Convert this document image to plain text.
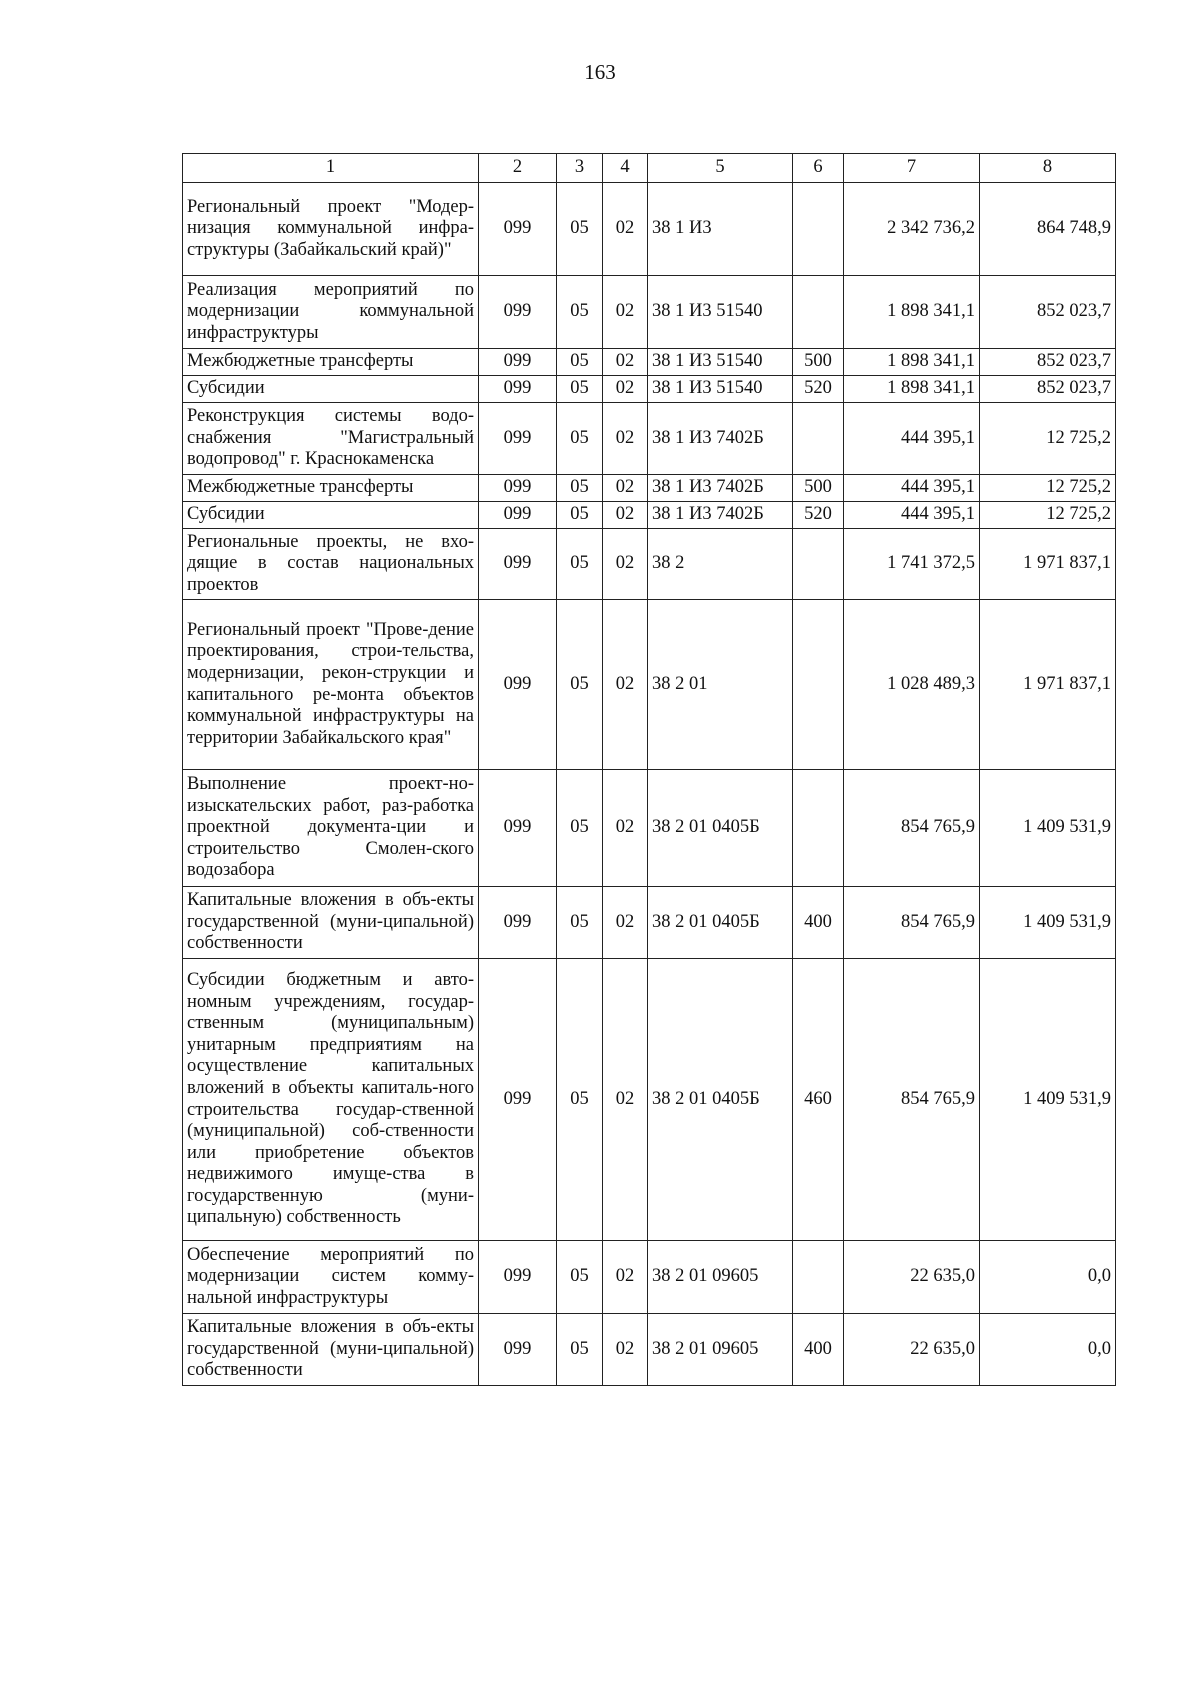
163
1	2	3	4	5	6	7	8
Региональный проект "Модер-низация коммунальной инфра-структуры (Забайкальский край)"	099	05	02	38 1 И3		2 342 736,2	864 748,9
Реализация мероприятий по модернизации коммунальной инфраструктуры	099	05	02	38 1 И3 51540		1 898 341,1	852 023,7
Межбюджетные трансферты	099	05	02	38 1 И3 51540	500	1 898 341,1	852 023,7
Субсидии	099	05	02	38 1 И3 51540	520	1 898 341,1	852 023,7
Реконструкция системы водо-снабжения "Магистральный водопровод" г. Краснокаменска	099	05	02	38 1 И3 7402Б		444 395,1	12 725,2
Межбюджетные трансферты	099	05	02	38 1 И3 7402Б	500	444 395,1	12 725,2
Субсидии	099	05	02	38 1 И3 7402Б	520	444 395,1	12 725,2
Региональные проекты, не вхо-дящие в состав национальных проектов	099	05	02	38 2		1 741 372,5	1 971 837,1
Региональный проект "Прове-дение проектирования, строи-тельства, модернизации, рекон-струкции и капитального ре-монта объектов коммунальной инфраструктуры на территории Забайкальского края"	099	05	02	38 2 01		1 028 489,3	1 971 837,1
Выполнение проект-но-изыскательских работ, раз-работка проектной документа-ции и строительство Смолен-ского водозабора	099	05	02	38 2 01 0405Б		854 765,9	1 409 531,9
Капитальные вложения в объ-екты государственной (муни-ципальной) собственности	099	05	02	38 2 01 0405Б	400	854 765,9	1 409 531,9
Субсидии бюджетным и авто-номным учреждениям, государ-ственным (муниципальным) унитарным предприятиям на осуществление капитальных вложений в объекты капиталь-ного строительства государ-ственной (муниципальной) соб-ственности или приобретение объектов недвижимого имуще-ства в государственную (муни-ципальную) собственность	099	05	02	38 2 01 0405Б	460	854 765,9	1 409 531,9
Обеспечение мероприятий по модернизации систем комму-нальной инфраструктуры	099	05	02	38 2 01 09605		22 635,0	0,0
Капитальные вложения в объ-екты государственной (муни-ципальной) собственности	099	05	02	38 2 01 09605	400	22 635,0	0,0
